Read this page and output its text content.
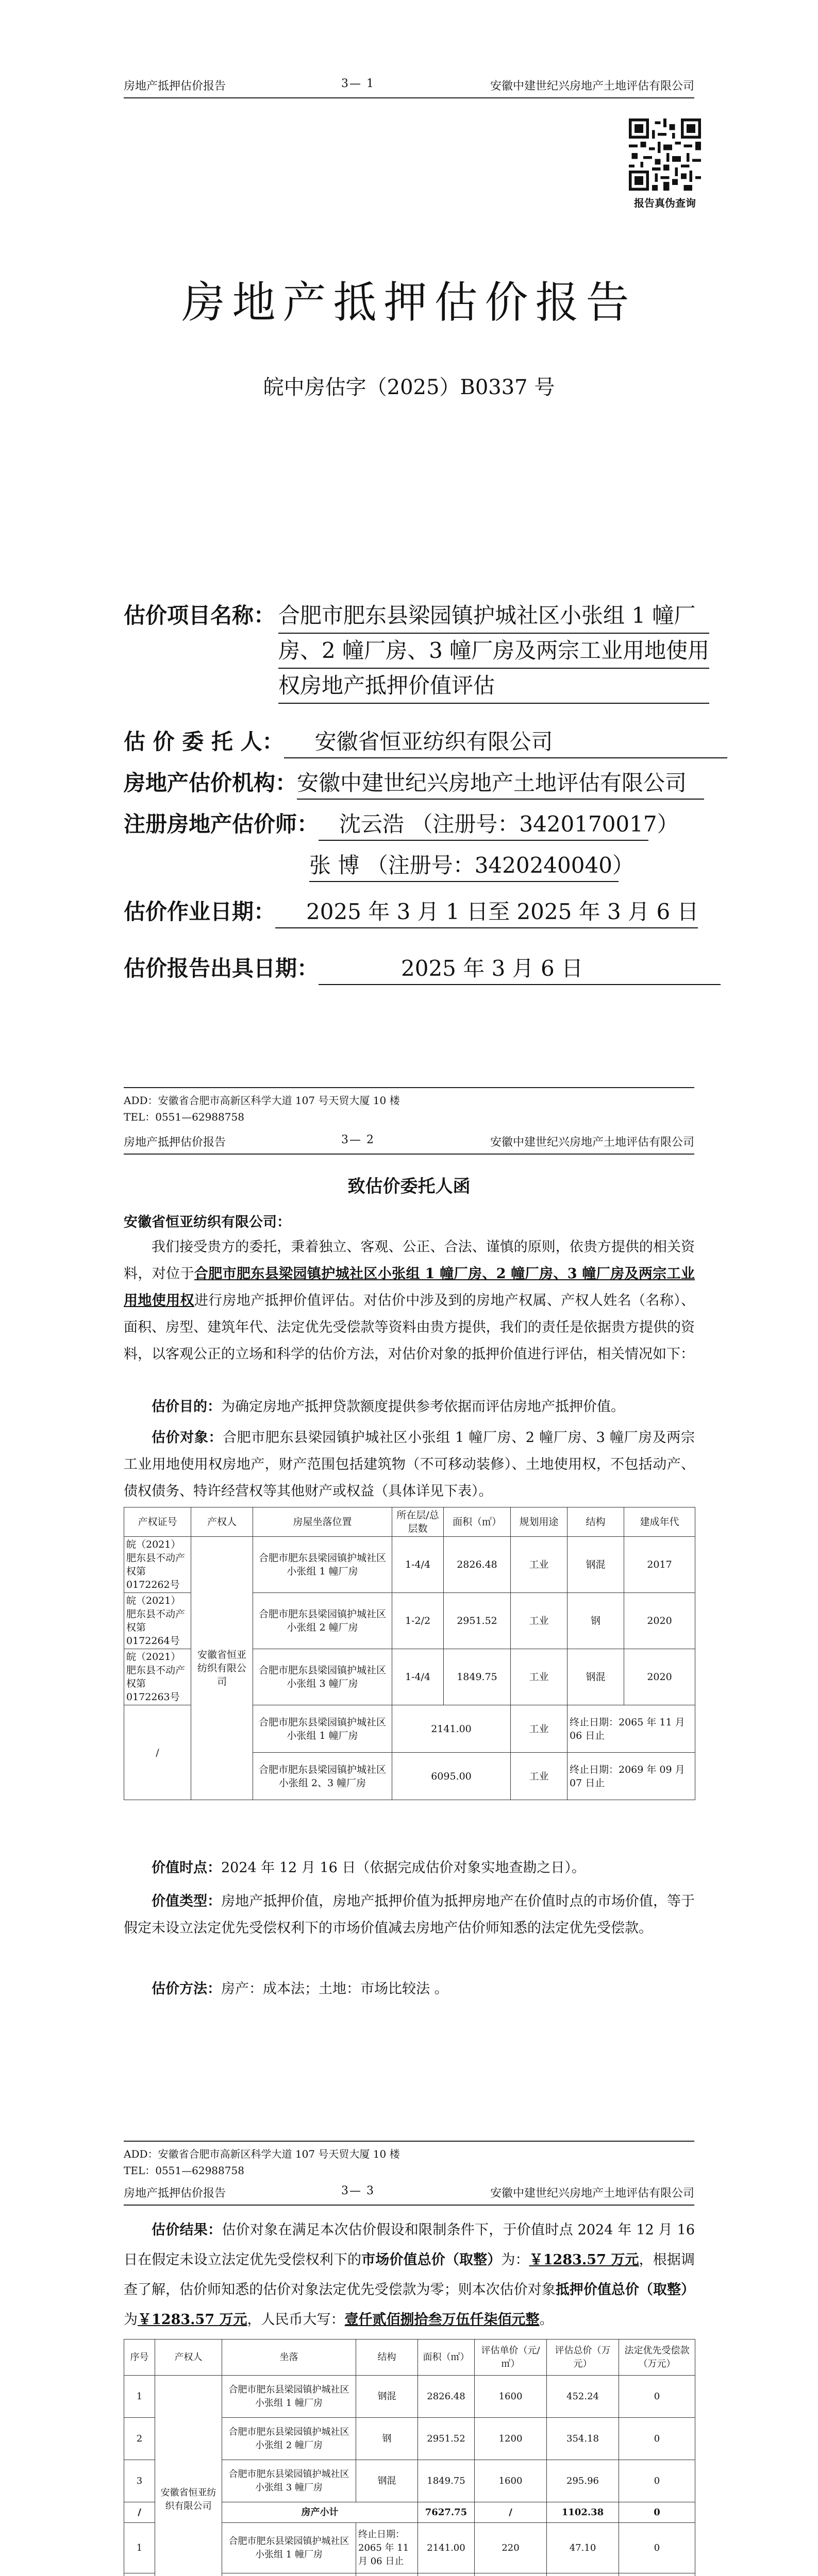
房地产抵押估价报告	3— 1	安徽中建世纪兴房地产土地评估有限公司
报告真伪查询
房地产抵押估价报告
皖中房估字（2025）B0337 号
估价项目名称： 合肥市肥东县梁园镇护城社区小张组 1 幢厂
房、2 幢厂房、3 幢厂房及两宗工业用地使用
权房地产抵押价值评估
估 价 委 托 人： 安徽省恒亚纺织有限公司
房地产估价机构：安徽中建世纪兴房地产土地评估有限公司
注册房地产估价师： 沈云浩 （注册号：3420170017）
张 博 （注册号：3420240040）
估价作业日期： 2025 年 3 月 1 日至 2025 年 3 月 6 日
估价报告出具日期：	2025 年 3 月 6 日
ADD：安徽省合肥市高新区科学大道 107 号天贸大厦 10 楼
TEL：0551—62988758
房地产抵押估价报告	3— 2	安徽中建世纪兴房地产土地评估有限公司
致估价委托人函
安徽省恒亚纺织有限公司：
我们接受贵方的委托，秉着独立、客观、公正、合法、谨慎的原则，依贵方提供的相关资料，对位于合肥市肥东县梁园镇护城社区小张组 1 幢厂房、2 幢厂房、3 幢厂房及两宗工业用地使用权进行房地产抵押价值评估。对估价中涉及到的房地产权属、产权人姓名（名称）、面积、房型、建筑年代、法定优先受偿款等资料由贵方提供，我们的责任是依据贵方提供的资料，以客观公正的立场和科学的估价方法，对估价对象的抵押价值进行评估，相关情况如下：
估价目的：为确定房地产抵押贷款额度提供参考依据而评估房地产抵押价值。
估价对象：合肥市肥东县梁园镇护城社区小张组 1 幢厂房、2 幢厂房、3 幢厂房及两宗工业用地使用权房地产，财产范围包括建筑物（不可移动装修）、土地使用权，不包括动产、债权债务、特许经营权等其他财产或权益（具体详见下表）。
产权证号	产权人	房屋坐落位置	所在层/总层数	面积（㎡）	规划用途	结构	建成年代
皖（2021）肥东县不动产权第0172262号	安徽省恒亚纺织有限公司	合肥市肥东县梁园镇护城社区小张组 1 幢厂房	1-4/4	2826.48	工业	钢混	2017
皖（2021）肥东县不动产权第0172264号		合肥市肥东县梁园镇护城社区小张组 2 幢厂房	1-2/2	2951.52	工业	钢	2020
皖（2021）肥东县不动产权第0172263号		合肥市肥东县梁园镇护城社区小张组 3 幢厂房	1-4/4	1849.75	工业	钢混	2020
/		合肥市肥东县梁园镇护城社区小张组 1 幢厂房	2141.00		工业	终止日期：2065 年 11 月 06 日止	
		合肥市肥东县梁园镇护城社区小张组 2、3 幢厂房	6095.00		工业	终止日期：2069 年 09 月 07 日止	
价值时点：2024 年 12 月 16 日（依据完成估价对象实地查勘之日）。
价值类型：房地产抵押价值，房地产抵押价值为抵押房地产在价值时点的市场价值，等于假定未设立法定优先受偿权利下的市场价值减去房地产估价师知悉的法定优先受偿款。
估价方法：房产：成本法；土地：市场比较法 。
ADD：安徽省合肥市高新区科学大道 107 号天贸大厦 10 楼
TEL：0551—62988758
房地产抵押估价报告	3— 3	安徽中建世纪兴房地产土地评估有限公司
估价结果：估价对象在满足本次估价假设和限制条件下，于价值时点 2024 年 12 月 16 日在假定未设立法定优先受偿权利下的市场价值总价（取整）为：￥1283.57 万元，根据调查了解，估价师知悉的估价对象法定优先受偿款为零；则本次估价对象抵押价值总价（取整）为￥1283.57 万元，人民币大写：壹仟贰佰捌拾叁万伍仟柒佰元整。
序号	产权人	坐落	结构	面积（㎡）	评估单价（元/㎡）	评估总价（万元）	法定优先受偿款（万元）
1	安徽省恒亚纺织有限公司	合肥市肥东县梁园镇护城社区小张组 1 幢厂房	钢混	2826.48	1600	452.24	0
2		合肥市肥东县梁园镇护城社区小张组 2 幢厂房	钢	2951.52	1200	354.18	0
3		合肥市肥东县梁园镇护城社区小张组 3 幢厂房	钢混	1849.75	1600	295.96	0
/		房产小计		7627.75	/	1102.38	0
1		合肥市肥东县梁园镇护城社区小张组 1 幢厂房	终止日期：2065 年 11 月 06 日止	2141.00	220	47.10	0
